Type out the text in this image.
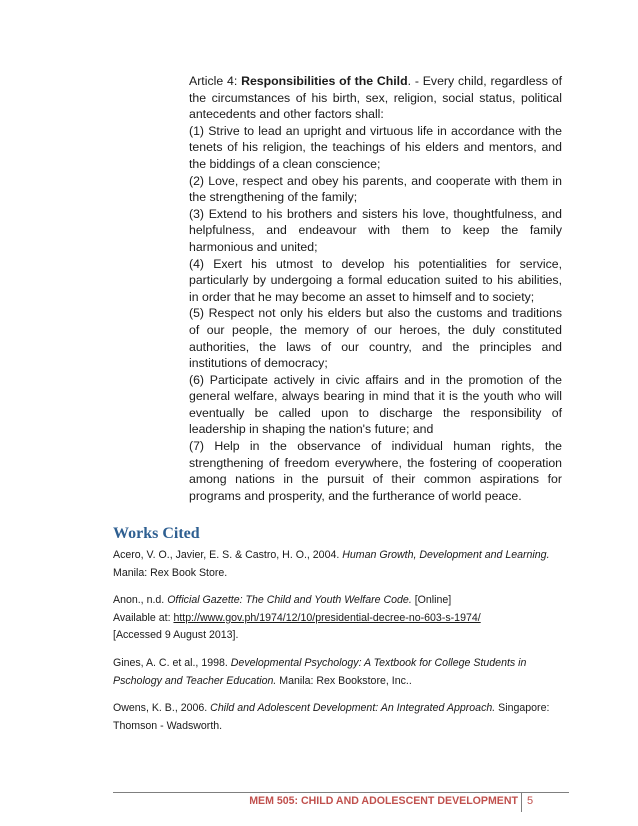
Article 4: Responsibilities of the Child. - Every child, regardless of the circumstances of his birth, sex, religion, social status, political antecedents and other factors shall:

(1) Strive to lead an upright and virtuous life in accordance with the tenets of his religion, the teachings of his elders and mentors, and the biddings of a clean conscience;

(2) Love, respect and obey his parents, and cooperate with them in the strengthening of the family;

(3) Extend to his brothers and sisters his love, thoughtfulness, and helpfulness, and endeavour with them to keep the family harmonious and united;

(4) Exert his utmost to develop his potentialities for service, particularly by undergoing a formal education suited to his abilities, in order that he may become an asset to himself and to society;

(5) Respect not only his elders but also the customs and traditions of our people, the memory of our heroes, the duly constituted authorities, the laws of our country, and the principles and institutions of democracy;

(6) Participate actively in civic affairs and in the promotion of the general welfare, always bearing in mind that it is the youth who will eventually be called upon to discharge the responsibility of leadership in shaping the nation's future; and

(7) Help in the observance of individual human rights, the strengthening of freedom everywhere, the fostering of cooperation among nations in the pursuit of their common aspirations for programs and prosperity, and the furtherance of world peace.

Works Cited

Acero, V. O., Javier, E. S. & Castro, H. O., 2004. Human Growth, Development and Learning. Manila: Rex Book Store.

Anon., n.d. Official Gazette: The Child and Youth Welfare Code. [Online]
Available at: http://www.gov.ph/1974/12/10/presidential-decree-no-603-s-1974/
[Accessed 9 August 2013].

Gines, A. C. et al., 1998. Developmental Psychology: A Textbook for College Students in Pschology and Teacher Education. Manila: Rex Bookstore, Inc..

Owens, K. B., 2006. Child and Adolescent Development: An Integrated Approach. Singapore: Thomson - Wadsworth.

MEM 505: CHILD AND ADOLESCENT DEVELOPMENT 5
